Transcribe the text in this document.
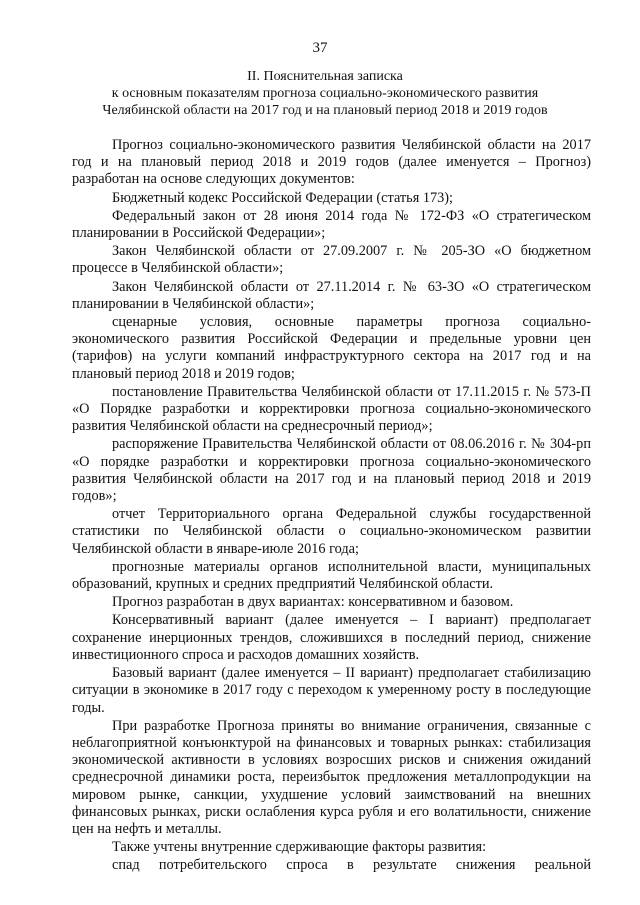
37
II. Пояснительная записка
к основным показателям прогноза социально-экономического развития
Челябинской области на 2017 год и на плановый период 2018 и 2019 годов

Прогноз социально-экономического развития Челябинской области на 2017 год и на плановый период 2018 и 2019 годов (далее именуется – Прогноз) разработан на основе следующих документов:

Бюджетный кодекс Российской Федерации (статья 173);

Федеральный закон от 28 июня 2014 года № 172-ФЗ «О стратегическом планировании в Российской Федерации»;

Закон Челябинской области от 27.09.2007 г. № 205-ЗО «О бюджетном процессе в Челябинской области»;

Закон Челябинской области от 27.11.2014 г. № 63-ЗО «О стратегическом планировании в Челябинской области»;

сценарные условия, основные параметры прогноза социально-экономического развития Российской Федерации и предельные уровни цен (тарифов) на услуги компаний инфраструктурного сектора на 2017 год и на плановый период 2018 и 2019 годов;

постановление Правительства Челябинской области от 17.11.2015 г. № 573-П «О Порядке разработки и корректировки прогноза социально-экономического развития Челябинской области на среднесрочный период»;

распоряжение Правительства Челябинской области от 08.06.2016 г. № 304-рп «О порядке разработки и корректировки прогноза социально-экономического развития Челябинской области на 2017 год и на плановый период 2018 и 2019 годов»;

отчет Территориального органа Федеральной службы государственной статистики по Челябинской области о социально-экономическом развитии Челябинской области в январе-июле 2016 года;

прогнозные материалы органов исполнительной власти, муниципальных образований, крупных и средних предприятий Челябинской области.

Прогноз разработан в двух вариантах: консервативном и базовом.

Консервативный вариант (далее именуется – I вариант) предполагает сохранение инерционных трендов, сложившихся в последний период, снижение инвестиционного спроса и расходов домашних хозяйств.

Базовый вариант (далее именуется – II вариант) предполагает стабилизацию ситуации в экономике в 2017 году с переходом к умеренному росту в последующие годы.

При разработке Прогноза приняты во внимание ограничения, связанные с неблагоприятной конъюнктурой на финансовых и товарных рынках: стабилизация экономической активности в условиях возросших рисков и снижения ожиданий среднесрочной динамики роста, переизбыток предложения металлопродукции на мировом рынке, санкции, ухудшение условий заимствований на внешних финансовых рынках, риски ослабления курса рубля и его волатильности, снижение цен на нефть и металлы.

Также учтены внутренние сдерживающие факторы развития:

спад потребительского спроса в результате снижения реальной
